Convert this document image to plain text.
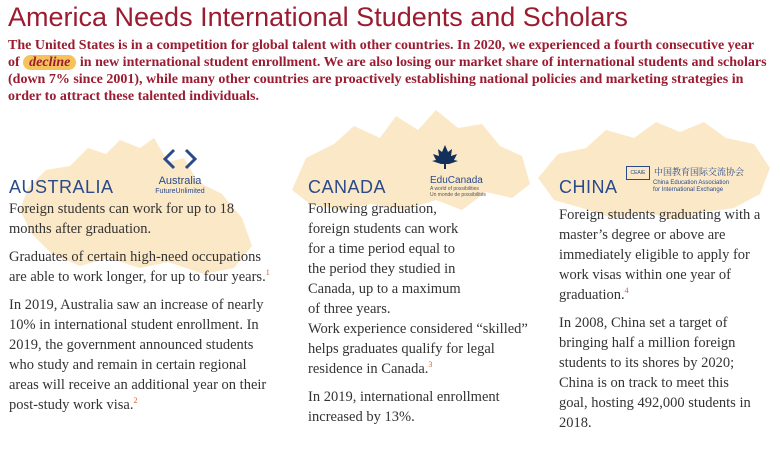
America Needs International Students and Scholars
The United States is in a competition for global talent with other countries. In 2020, we experienced a fourth consecutive year of decline in new international student enrollment. We are also losing our market share of international students and scholars (down 7% since 2001), while many other countries are proactively establishing national policies and marketing strategies in order to attract these talented individuals.
AUSTRALIA	Australia
FutureUnlimited

Foreign students can work for up to 18 months after graduation.

Graduates of certain high-need occupations are able to work longer, for up to four years.$^1$

In 2019, Australia saw an increase of nearly 10% in international student enrollment. In 2019, the government announced students who study and remain in certain regional areas will receive an additional year on their post-study work visa.$^2$

CANADA	EduCanada
A world of possibilities
Un monde de possibilités

Following graduation, foreign students can work for a time period equal to the period they studied in Canada, up to a maximum of three years.

Work experience considered “skilled” helps graduates qualify for legal residence in Canada.$^3$

In 2019, international enrollment increased by 13%.

CHINA
CEAIE 中国教育国际交流协会
China Education Association
for International Exchange

Foreign students graduating with a master’s degree or above are immediately eligible to apply for work visas within one year of graduation.$^4$

In 2008, China set a target of bringing half a million foreign students to its shores by 2020; China is on track to meet this goal, hosting 492,000 students in 2018.
